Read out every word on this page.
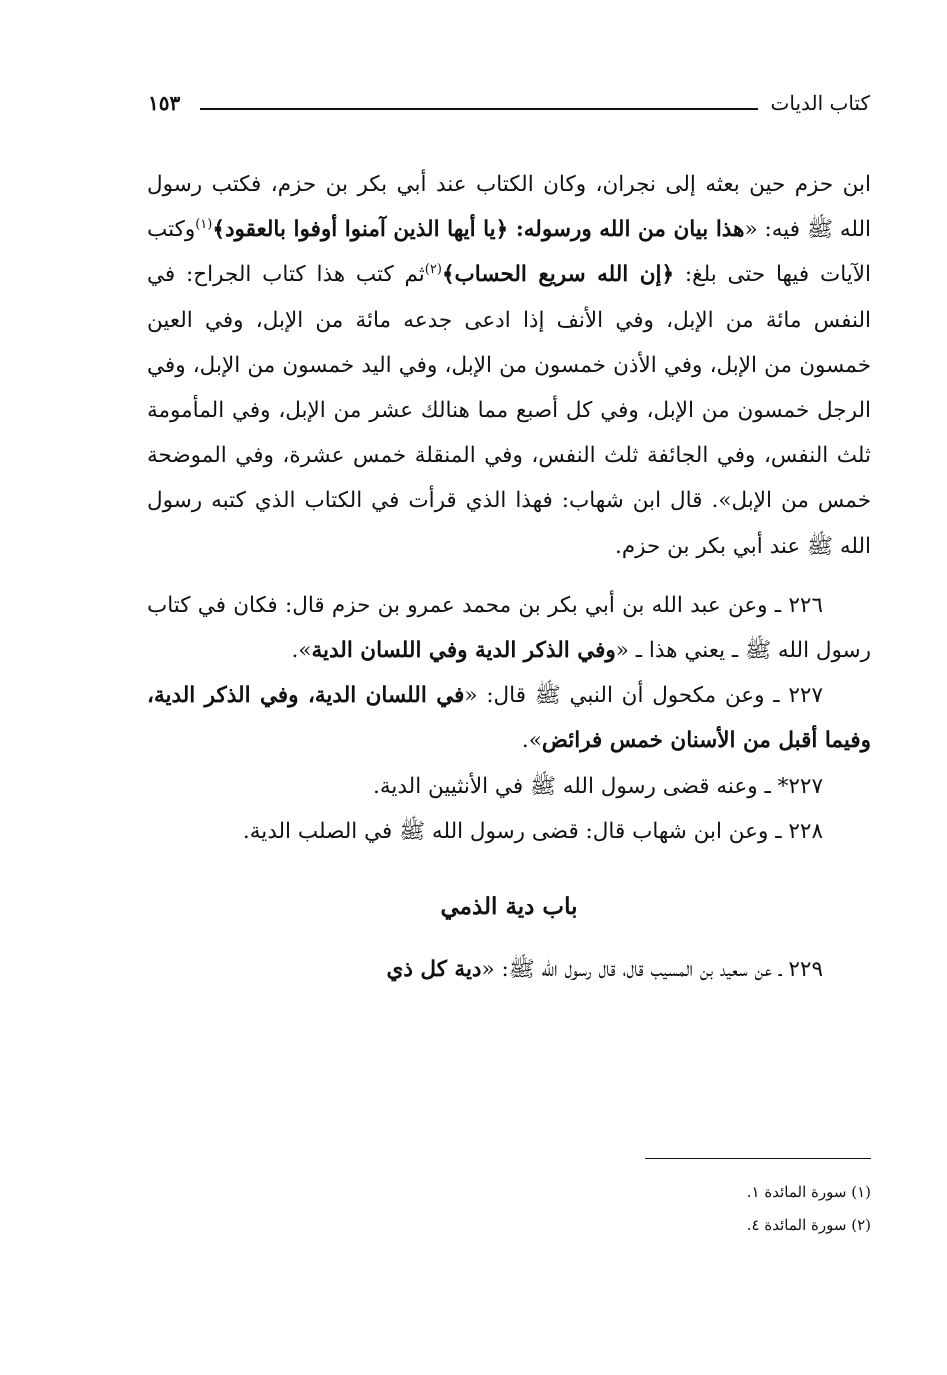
كتاب الديات
١٥٣

ابن حزم حين بعثه إلى نجران، وكان الكتاب عند أبي بكر بن حزم، فكتب رسول الله ﷺ فيه: «هذا بيان من الله ورسوله: ﴿يا أيها الذين آمنوا أوفوا بالعقود﴾$^{(١)}$وكتب الآيات فيها حتى بلغ: ﴿إن الله سريع الحساب﴾$^{(٢)}$ثم كتب هذا كتاب الجراح: في النفس مائة من الإبل، وفي الأنف إذا ادعى جدعه مائة من الإبل، وفي العين خمسون من الإبل، وفي الأذن خمسون من الإبل، وفي اليد خمسون من الإبل، وفي الرجل خمسون من الإبل، وفي كل أصبع مما هنالك عشر من الإبل، وفي المأمومة ثلث النفس، وفي الجائفة ثلث النفس، وفي المنقلة خمس عشرة، وفي الموضحة خمس من الإبل». قال ابن شهاب: فهذا الذي قرأت في الكتاب الذي كتبه رسول الله ﷺ عند أبي بكر بن حزم.

٢٢٦ ـ وعن عبد الله بن أبي بكر بن محمد عمرو بن حزم قال: فكان في كتاب رسول الله ﷺ ـ يعني هذا ـ «وفي الذكر الدية وفي اللسان الدية».

٢٢٧ ـ وعن مكحول أن النبي ﷺ قال: «في اللسان الدية، وفي الذكر الدية، وفيما أقبل من الأسنان خمس فرائض».

٢٢٧* ـ وعنه قضى رسول الله ﷺ في الأنثيين الدية.

٢٢٨ ـ وعن ابن شهاب قال: قضى رسول الله ﷺ في الصلب الدية.

باب دية الذمي

٢٢٩ ـ عن سعيد بن المسيب قال، قال رسول الله ﷺ: «دية كل ذي

(١) سورة المائدة ١.

(٢) سورة المائدة ٤.
